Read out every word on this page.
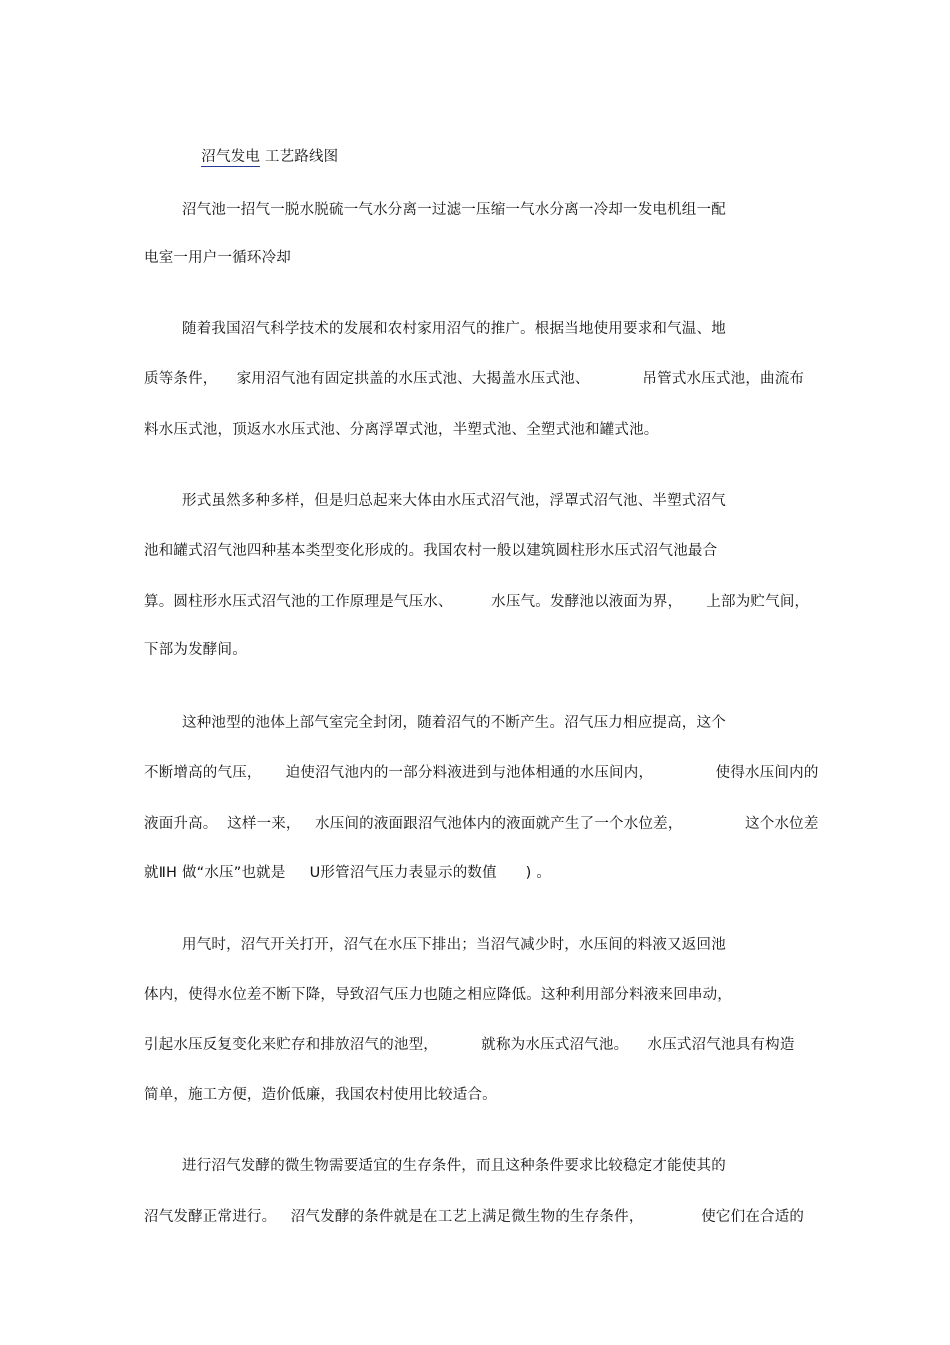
沼气发电 工艺路线图

沼气池一招气一脱水脱硫一气水分离一过滤一压缩一气水分离一冷却一发电机组一配
电室一用户一循环冷却
随着我国沼气科学技术的发展和农村家用沼气的推广。根据当地使用要求和气温、地
质等条件，    家用沼气池有固定拱盖的水压式池、大揭盖水压式池、           吊管式水压式池，曲流布
料水压式池，顶返水水压式池、分离浮罩式池，半塑式池、全塑式池和罐式池。
形式虽然多种多样，但是归总起来大体由水压式沼气池，浮罩式沼气池、半塑式沼气
池和罐式沼气池四种基本类型变化形成的。我国农村一般以建筑圆柱形水压式沼气池最合
算。圆柱形水压式沼气池的工作原理是气压水、        水压气。发酵池以液面为界，     上部为贮气间，
下部为发酵间。
这种池型的池体上部气室完全封闭，随着沼气的不断产生。沼气压力相应提高，这个
不断增高的气压，     迫使沼气池内的一部分料液进到与池体相通的水压间内，             使得水压间内的
液面升高。  这样一来，   水压间的液面跟沼气池体内的液面就产生了一个水位差，             这个水位差
就ⅡH 做“水压”也就是     U形管沼气压力表显示的数值      ) 。
用气时，沼气开关打开，沼气在水压下排出；当沼气减少时，水压间的料液又返回池
体内，使得水位差不断下降，导致沼气压力也随之相应降低。这种利用部分料液来回串动，
引起水压反复变化来贮存和排放沼气的池型，         就称为水压式沼气池。    水压式沼气池具有构造
简单，施工方便，造价低廉，我国农村使用比较适合。
进行沼气发酵的微生物需要适宜的生存条件，而且这种条件要求比较稳定才能使其的
沼气发酵正常进行。   沼气发酵的条件就是在工艺上满足微生物的生存条件，            使它们在合适的
